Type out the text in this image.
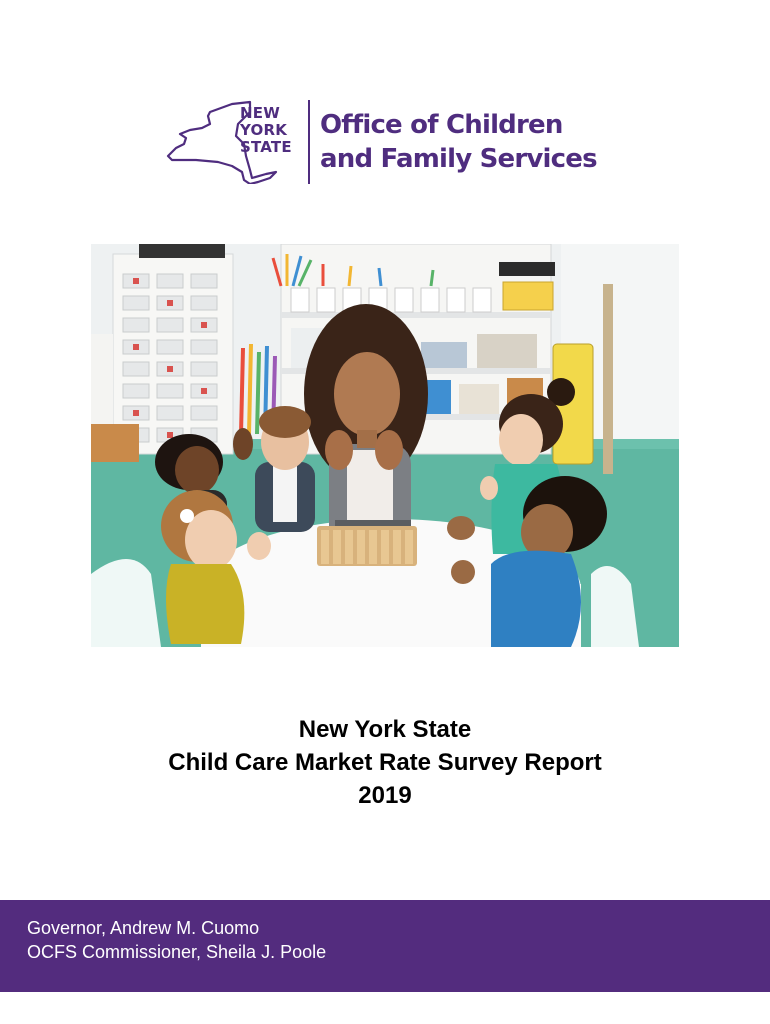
NEW
YORK
STATE
Office of Children
and Family Services
New York State
Child Care Market Rate Survey Report
2019
Governor, Andrew M. Cuomo
OCFS Commissioner, Sheila J. Poole
